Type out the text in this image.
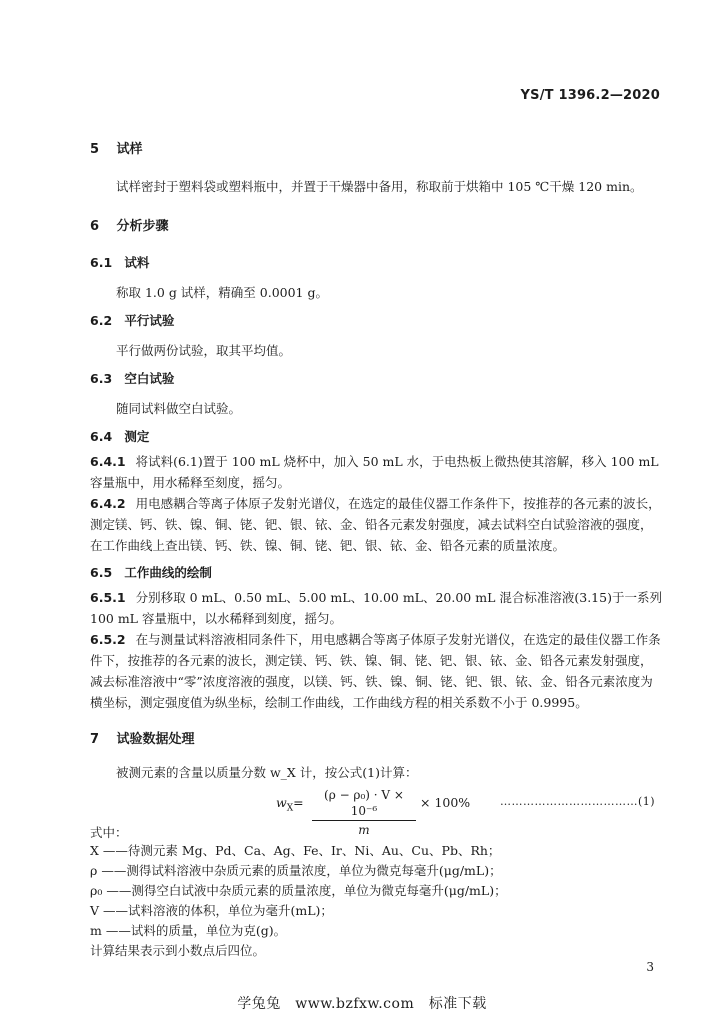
YS/T 1396.2—2020
5 试样
试样密封于塑料袋或塑料瓶中，并置于干燥器中备用，称取前于烘箱中 105 ℃干燥 120 min。
6 分析步骤
6.1 试料
称取 1.0 g 试样，精确至 0.0001 g。
6.2 平行试验
平行做两份试验，取其平均值。
6.3 空白试验
随同试料做空白试验。
6.4 测定
6.4.1 将试料(6.1)置于 100 mL 烧杯中，加入 50 mL 水，于电热板上微热使其溶解，移入 100 mL 容量瓶中，用水稀释至刻度，摇匀。
6.4.2 用电感耦合等离子体原子发射光谱仪，在选定的最佳仪器工作条件下，按推荐的各元素的波长，测定镁、钙、铁、镍、铜、铑、钯、银、铱、金、铅各元素发射强度，减去试料空白试验溶液的强度，在工作曲线上查出镁、钙、铁、镍、铜、铑、钯、银、铱、金、铅各元素的质量浓度。
6.5 工作曲线的绘制
6.5.1 分别移取 0 mL、0.50 mL、5.00 mL、10.00 mL、20.00 mL 混合标准溶液(3.15)于一系列 100 mL 容量瓶中，以水稀释到刻度，摇匀。
6.5.2 在与测量试料溶液相同条件下，用电感耦合等离子体原子发射光谱仪，在选定的最佳仪器工作条件下，按推荐的各元素的波长，测定镁、钙、铁、镍、铜、铑、钯、银、铱、金、铅各元素发射强度，减去标准溶液中“零”浓度溶液的强度，以镁、钙、铁、镍、铜、铑、钯、银、铱、金、铅各元素浓度为横坐标，测定强度值为纵坐标，绘制工作曲线，工作曲线方程的相关系数不小于 0.9995。
7 试验数据处理
被测元素的含量以质量分数 w_X 计，按公式(1)计算：
$w_X=$	(ρ − ρ₀) · V × 10⁻⁶
m
× 100%	………………………………(1)
式中：
X ——待测元素 Mg、Pd、Ca、Ag、Fe、Ir、Ni、Au、Cu、Pb、Rh；
ρ ——测得试料溶液中杂质元素的质量浓度，单位为微克每毫升(μg/mL)；
ρ₀ ——测得空白试液中杂质元素的质量浓度，单位为微克每毫升(μg/mL)；
V ——试料溶液的体积，单位为毫升(mL)；
m ——试料的质量，单位为克(g)。
计算结果表示到小数点后四位。
3
学兔兔　www.bzfxw.com　标准下载
